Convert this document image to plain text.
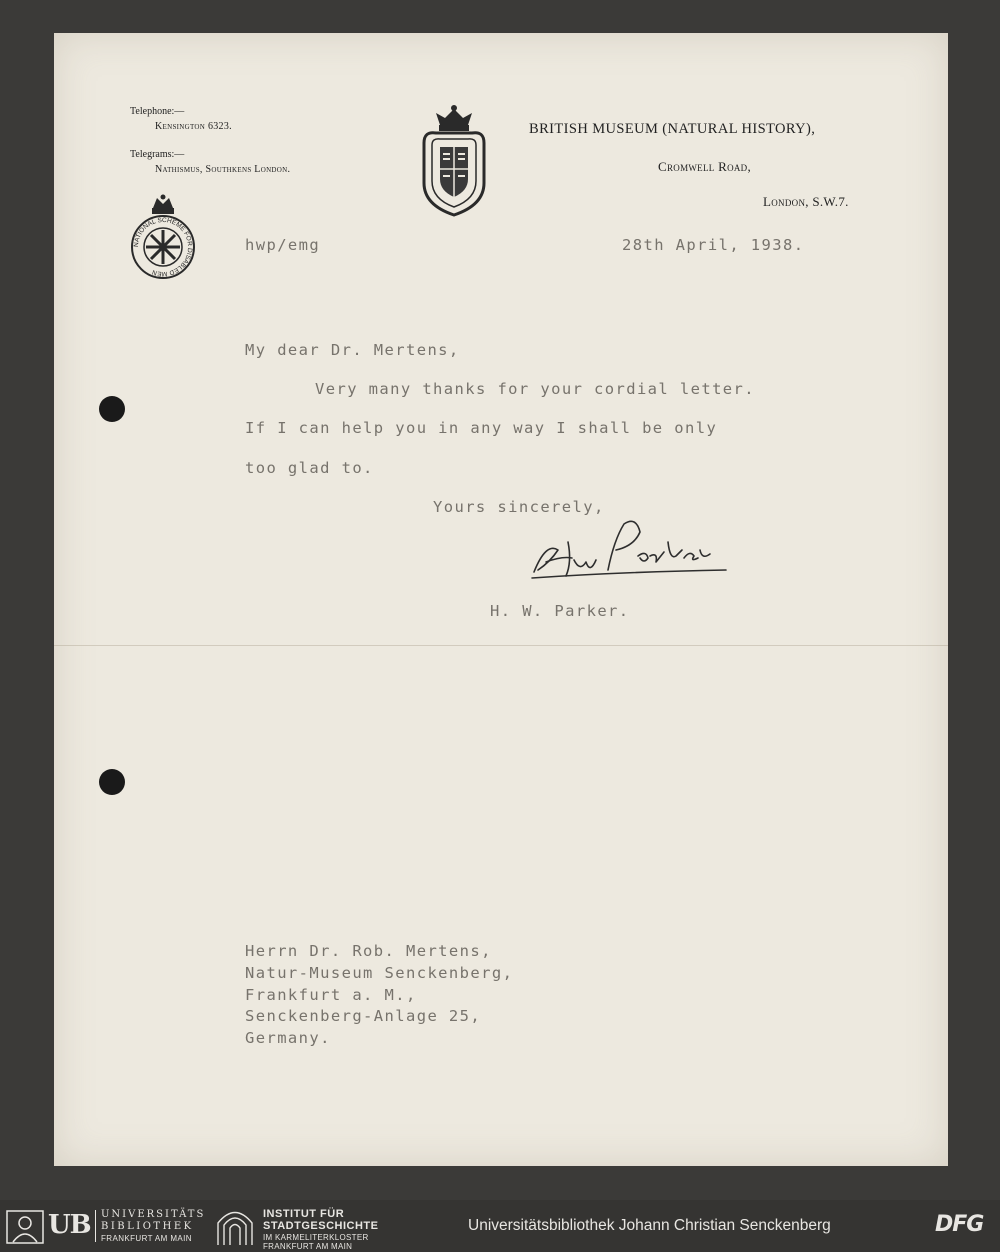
Telephone:—
Kensington 6323.
Telegrams:—
Nathismus, Southkens London.
NATIONAL SCHEME FOR DISABLED MEN
BRITISH MUSEUM (NATURAL HISTORY),
Cromwell Road,
London, S.W.7.
hwp/emg	28th April, 1938.
My dear Dr. Mertens,
Very many thanks for your cordial letter.
If I can help you in any way I shall be only
too glad to.
Yours sincerely,
H. W. Parker.
Herrn Dr. Rob. Mertens,
Natur-Museum Senckenberg,
Frankfurt a. M.,
Senckenberg-Anlage 25,
Germany.
UB UNIVERSITÄTS
BIBLIOTHEK
FRANKFURT AM MAIN
INSTITUT FÜR
STADTGESCHICHTE
IM KARMELITERKLOSTER
FRANKFURT AM MAIN
Universitätsbibliothek Johann Christian Senckenberg	DFG
